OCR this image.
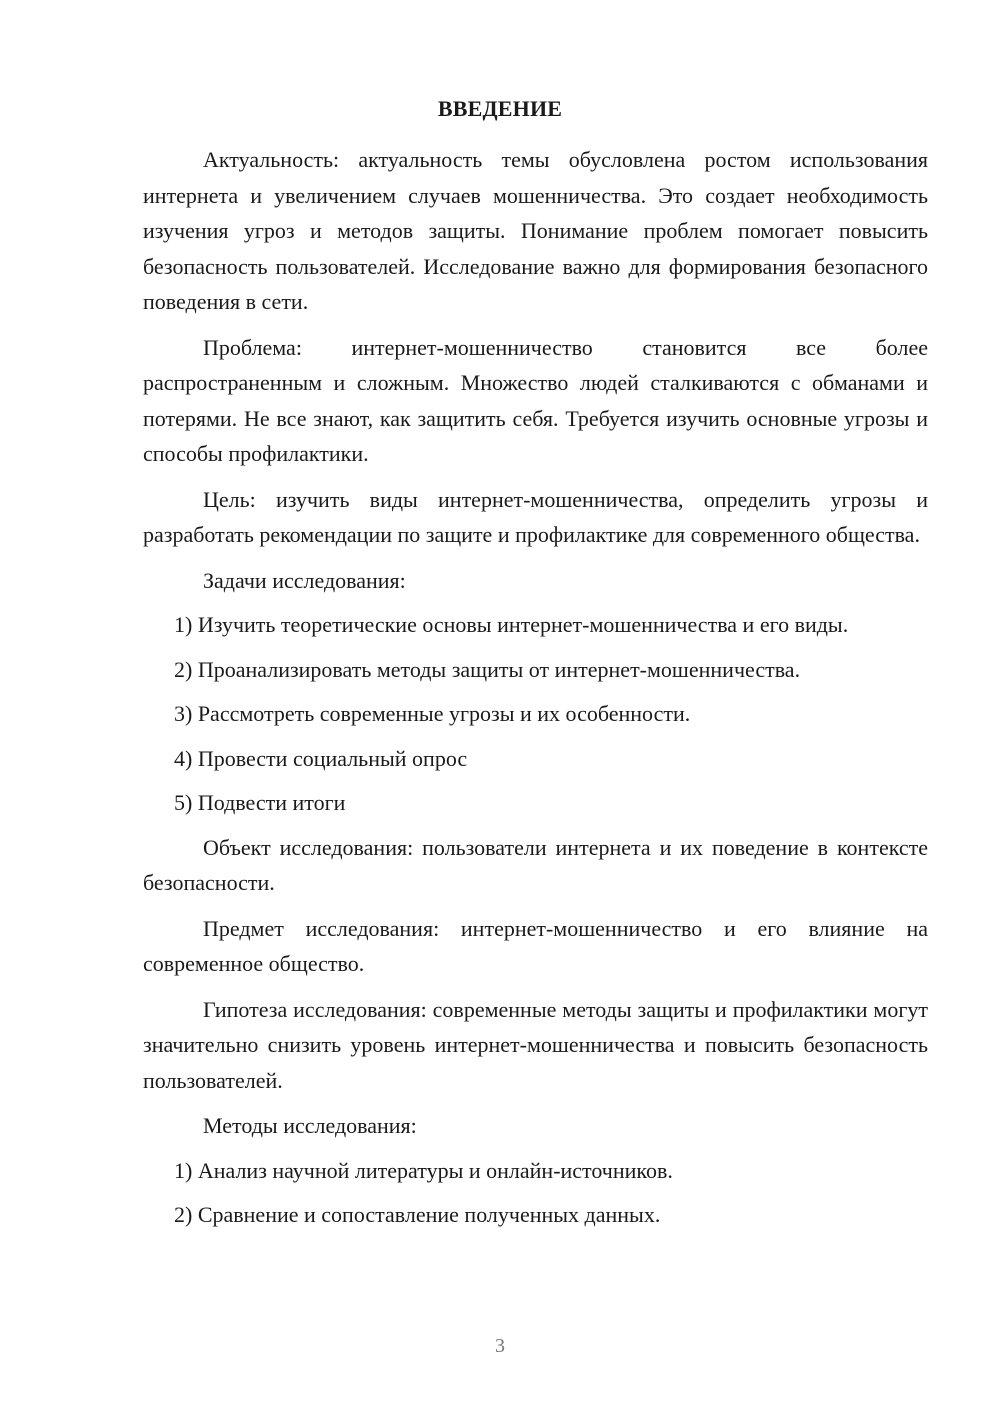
ВВЕДЕНИЕ

Актуальность: актуальность темы обусловлена ростом использования интернета и увеличением случаев мошенничества. Это создает необходимость изучения угроз и методов защиты. Понимание проблем помогает повысить безопасность пользователей. Исследование важно для формирования безопасного поведения в сети.

Проблема: интернет-мошенничество становится все более распространенным и сложным. Множество людей сталкиваются с обманами и потерями. Не все знают, как защитить себя. Требуется изучить основные угрозы и способы профилактики.

Цель: изучить виды интернет-мошенничества, определить угрозы и разработать рекомендации по защите и профилактике для современного общества.

Задачи исследования:

1) Изучить теоретические основы интернет-мошенничества и его виды.

2) Проанализировать методы защиты от интернет-мошенничества.

3) Рассмотреть современные угрозы и их особенности.

4) Провести социальный опрос

5) Подвести итоги

Объект исследования: пользователи интернета и их поведение в контексте безопасности.

Предмет исследования: интернет-мошенничество и его влияние на современное общество.

Гипотеза исследования: современные методы защиты и профилактики могут значительно снизить уровень интернет-мошенничества и повысить безопасность пользователей.

Методы исследования:

1) Анализ научной литературы и онлайн-источников.

2) Сравнение и сопоставление полученных данных.

3
